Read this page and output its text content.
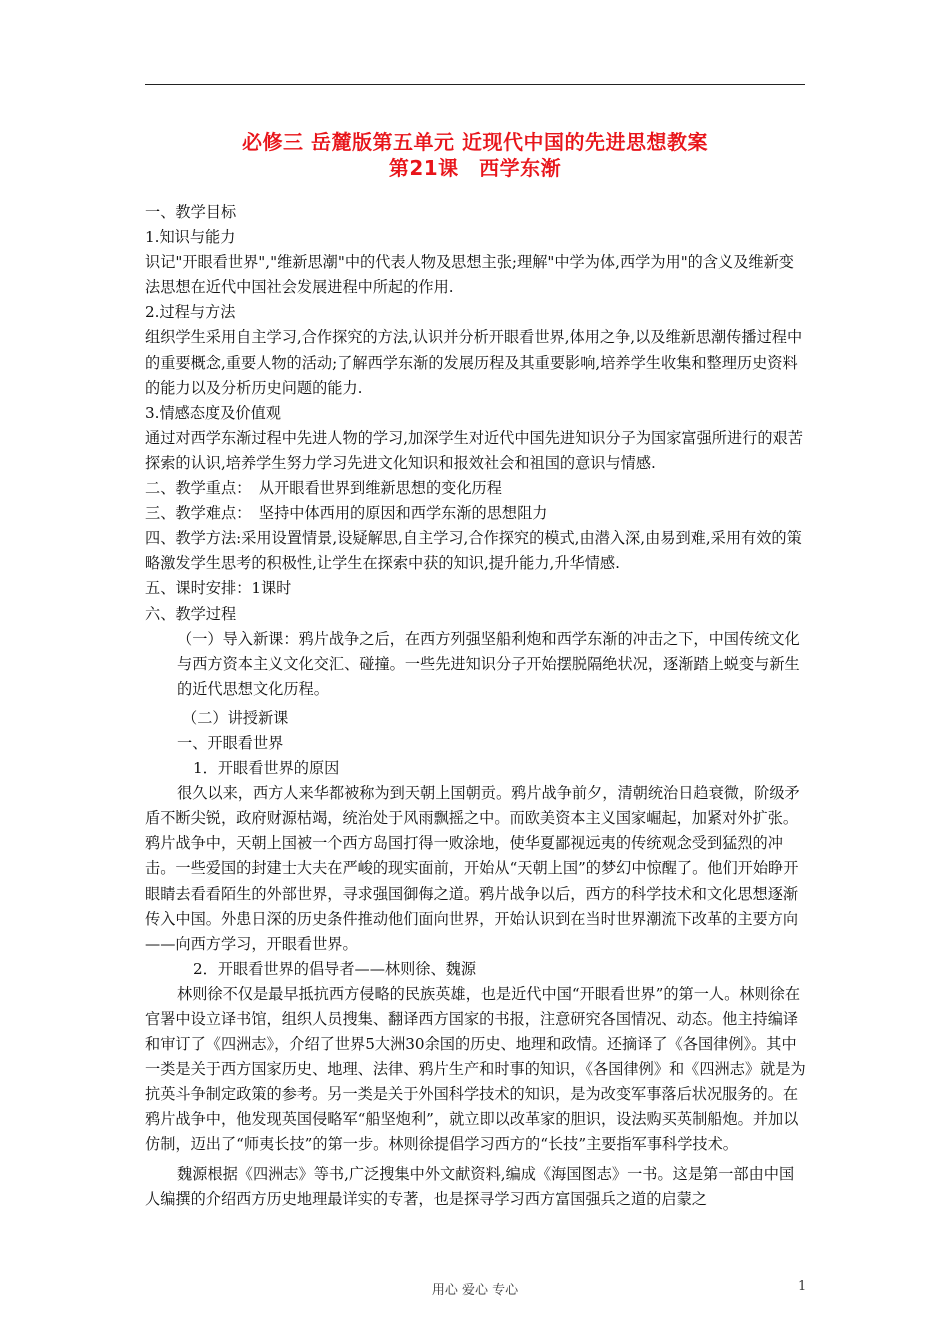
必修三 岳麓版第五单元 近现代中国的先进思想教案
第21课　西学东渐

一、教学目标

1.知识与能力

识记"开眼看世界","维新思潮"中的代表人物及思想主张;理解"中学为体,西学为用"的含义及维新变法思想在近代中国社会发展进程中所起的作用.

2.过程与方法

组织学生采用自主学习,合作探究的方法,认识并分析开眼看世界,体用之争,以及维新思潮传播过程中的重要概念,重要人物的活动;了解西学东渐的发展历程及其重要影响,培养学生收集和整理历史资料的能力以及分析历史问题的能力.

3.情感态度及价值观

通过对西学东渐过程中先进人物的学习,加深学生对近代中国先进知识分子为国家富强所进行的艰苦探索的认识,培养学生努力学习先进文化知识和报效社会和祖国的意识与情感.

二、教学重点：　从开眼看世界到维新思想的变化历程

三、教学难点：　坚持中体西用的原因和西学东渐的思想阻力

四、教学方法:采用设置情景,设疑解思,自主学习,合作探究的模式,由潜入深,由易到难,采用有效的策略激发学生思考的积极性,让学生在探索中获的知识,提升能力,升华情感.

五、课时安排：1课时

六、教学过程

（一）导入新课：鸦片战争之后，在西方列强坚船利炮和西学东渐的冲击之下，中国传统文化与西方资本主义文化交汇、碰撞。一些先进知识分子开始摆脱隔绝状况，逐渐踏上蜕变与新生的近代思想文化历程。

（二）讲授新课

一、开眼看世界

1．开眼看世界的原因

很久以来，西方人来华都被称为到天朝上国朝贡。鸦片战争前夕，清朝统治日趋衰微，阶级矛盾不断尖锐，政府财源枯竭，统治处于风雨飘摇之中。而欧美资本主义国家崛起，加紧对外扩张。鸦片战争中，天朝上国被一个西方岛国打得一败涂地，使华夏鄙视远夷的传统观念受到猛烈的冲击。一些爱国的封建士大夫在严峻的现实面前，开始从“天朝上国”的梦幻中惊醒了。他们开始睁开眼睛去看看陌生的外部世界，寻求强国御侮之道。鸦片战争以后，西方的科学技术和文化思想逐渐传入中国。外患日深的历史条件推动他们面向世界，开始认识到在当时世界潮流下改革的主要方向——向西方学习，开眼看世界。

2．开眼看世界的倡导者——林则徐、魏源

林则徐不仅是最早抵抗西方侵略的民族英雄，也是近代中国“开眼看世界”的第一人。林则徐在官署中设立译书馆，组织人员搜集、翻译西方国家的书报，注意研究各国情况、动态。他主持编译和审订了《四洲志》，介绍了世界5大洲30余国的历史、地理和政情。还摘译了《各国律例》。其中一类是关于西方国家历史、地理、法律、鸦片生产和时事的知识，《各国律例》和《四洲志》就是为抗英斗争制定政策的参考。另一类是关于外国科学技术的知识，是为改变军事落后状况服务的。在鸦片战争中，他发现英国侵略军“船坚炮利”，就立即以改革家的胆识，设法购买英制船炮。并加以仿制，迈出了“师夷长技”的第一步。林则徐提倡学习西方的“长技”主要指军事科学技术。

魏源根据《四洲志》等书,广泛搜集中外文献资料,编成《海国图志》一书。这是第一部由中国人编撰的介绍西方历史地理最详实的专著，也是探寻学习西方富国强兵之道的启蒙之

用心 爱心 专心	1
